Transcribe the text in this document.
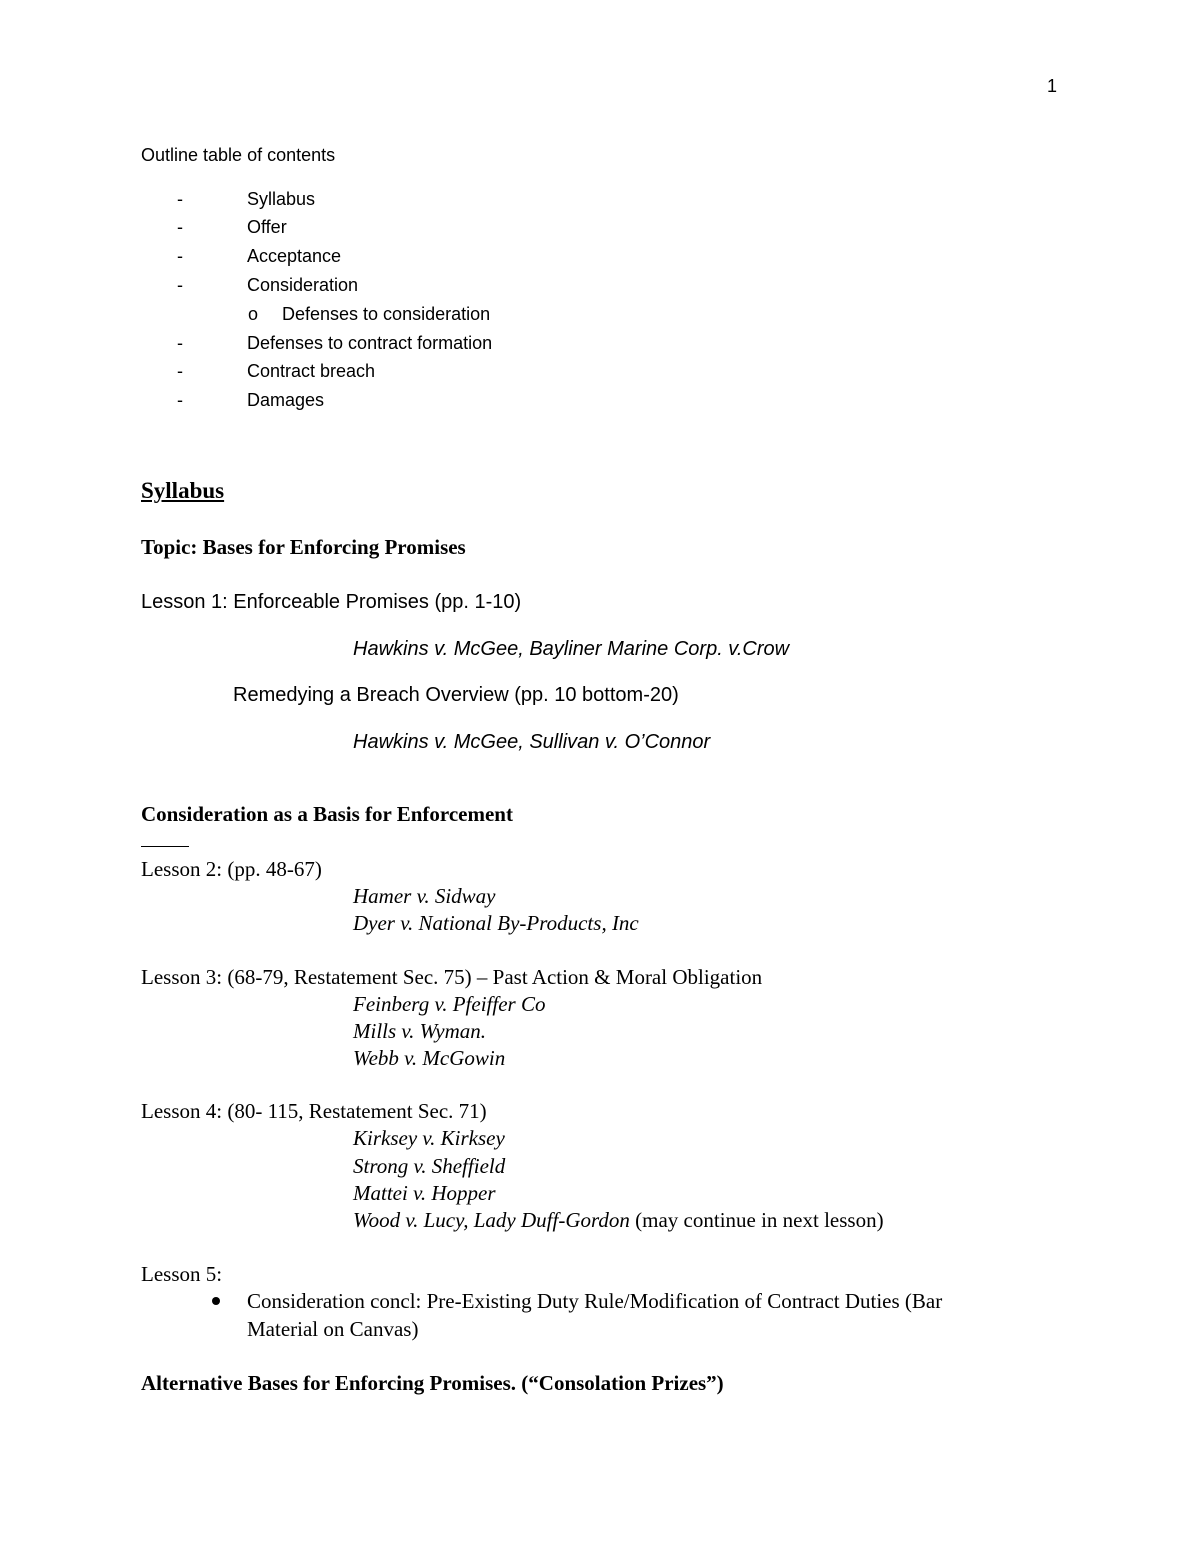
1
Outline table of contents
-	Syllabus
-	Offer
-	Acceptance
-	Consideration
o Defenses to consideration
-	Defenses to contract formation
-	Contract breach
-	Damages
Syllabus
Topic: Bases for Enforcing Promises
Lesson 1: Enforceable Promises (pp. 1-10)
Hawkins v. McGee, Bayliner Marine Corp. v.Crow
Remedying a Breach Overview (pp. 10 bottom-20)
Hawkins v. McGee, Sullivan v. O’Connor
Consideration as a Basis for Enforcement
Lesson 2: (pp. 48-67)
Hamer v. Sidway
Dyer v. National By-Products, Inc
Lesson 3: (68-79, Restatement Sec. 75) – Past Action & Moral Obligation
Feinberg v. Pfeiffer Co
Mills v. Wyman.
Webb v. McGowin
Lesson 4: (80- 115, Restatement Sec. 71)
Kirksey v. Kirksey
Strong v. Sheffield
Mattei v. Hopper
Wood v. Lucy, Lady Duff-Gordon (may continue in next lesson)
Lesson 5:
Consideration concl: Pre-Existing Duty Rule/Modification of Contract Duties (Bar
Material on Canvas)
Alternative Bases for Enforcing Promises. (“Consolation Prizes”)
